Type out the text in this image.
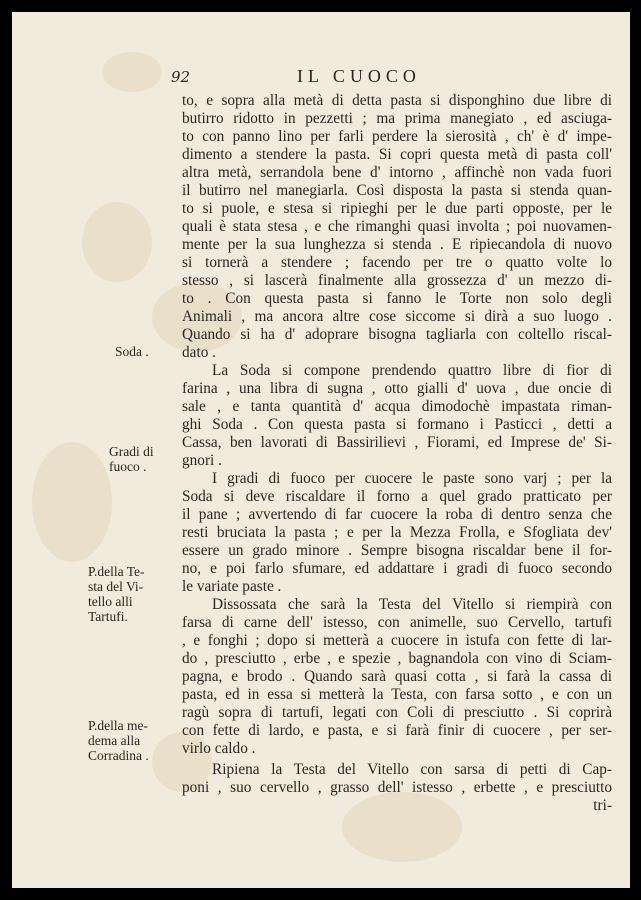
92	IL CUOCO

to, e sopra alla metà di detta pasta si disponghino due libre di

butirro ridotto in pezzetti ; ma prima manegiato , ed asciuga-

to con panno lino per farli perdere la sierosità , ch' è d' impe-

dimento a stendere la pasta. Si copri questa metà di pasta coll'

altra metà, serrandola bene d' intorno , affinchè non vada fuori

il butirro nel manegiarla. Così disposta la pasta si stenda quan-

to si puole, e stesa si ripieghi per le due parti opposte, per le

quali è stata stesa , e che rimanghi quasi involta ; poi nuovamen-

mente per la sua lunghezza si stenda . E ripiecandola di nuovo

si tornerà a stendere ; facendo per tre o quatto volte lo

stesso , si lascerà finalmente alla grossezza d' un mezzo di-

to . Con questa pasta si fanno le Torte non solo degli

Animali , ma ancora altre cose siccome si dirà a suo luogo .

Quando si ha d' adoprare bisogna tagliarla con coltello riscal-

dato .

La Soda si compone prendendo quattro libre di fior di

farina , una libra di sugna , otto gialli d' uova , due oncie di

sale , e tanta quantità d' acqua dimodochè impastata riman-

ghi Soda . Con questa pasta si formano i Pasticci , detti a

Cassa, ben lavorati di Bassirilievi , Fiorami, ed Imprese de' Si-

gnori .

I gradi di fuoco per cuocere le paste sono varj ; per la

Soda si deve riscaldare il forno a quel grado pratticato per

il pane ; avvertendo di far cuocere la roba di dentro senza che

resti bruciata la pasta ; e per la Mezza Frolla, e Sfogliata dev'

essere un grado minore . Sempre bisogna riscaldar bene il for-

no, e poi farlo sfumare, ed addattare i gradi di fuoco secondo

le variate paste .

Dissossata che sarà la Testa del Vitello si riempirà con

farsa di carne dell' istesso, con animelle, suo Cervello, tartufi

, e fonghi ; dopo si metterà a cuocere in istufa con fette di lar-

do , presciutto , erbe , e spezie , bagnandola con vino di Sciam-

pagna, e brodo . Quando sarà quasi cotta , si farà la cassa di

pasta, ed in essa si metterà la Testa, con farsa sotto , e con un

ragù sopra di tartufi, legati con Coli di presciutto . Si coprirà

con fette di lardo, e pasta, e si farà finir di cuocere , per ser-

virlo caldo .

Ripiena la Testa del Vitello con sarsa di petti di Cap-

poni , suo cervello , grasso dell' istesso , erbette , e presciutto

tri-

Soda .
Gradi di
fuoco .
P.della Te-
sta del Vi-
tello alli
Tartufi.
P.della me-
dema alla
Corradina .
